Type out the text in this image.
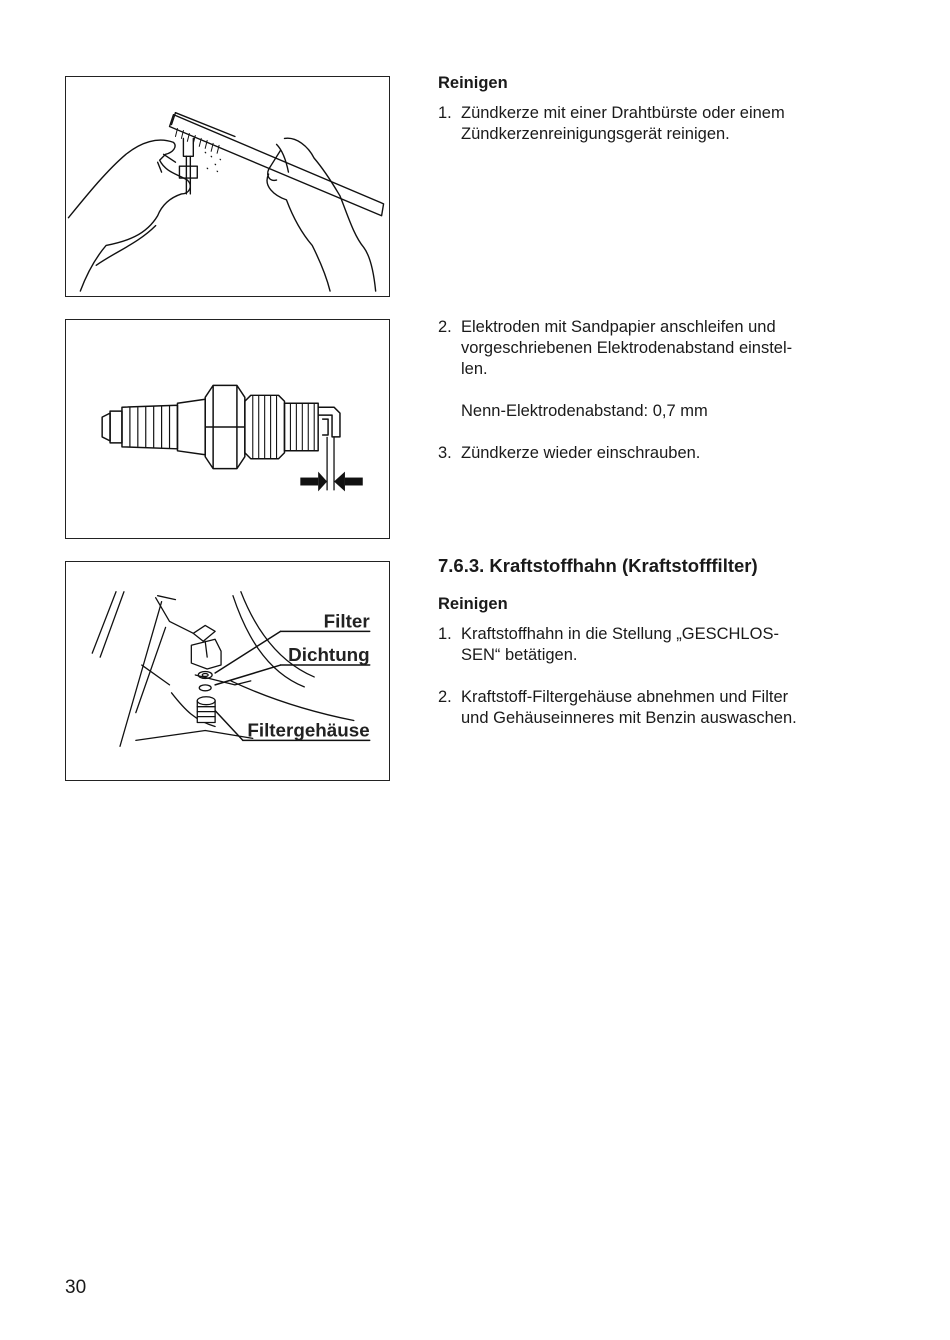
Filter
Dichtung
Filtergehäuse
Reinigen
1. Zündkerze mit einer Drahtbürste oder einem
Zündkerzenreinigungsgerät reinigen.
2. Elektroden mit Sandpapier anschleifen und
vorgeschriebenen Elektrodenabstand einstel-
len.
Nenn-Elektrodenabstand: 0,7 mm
3. Zündkerze wieder einschrauben.
7.6.3. Kraftstoffhahn (Kraftstofffilter)
Reinigen
1. Kraftstoffhahn in die Stellung „GESCHLOS-
SEN“ betätigen.
2. Kraftstoff-Filtergehäuse abnehmen und Filter
und Gehäuseinneres mit Benzin auswaschen.
30
